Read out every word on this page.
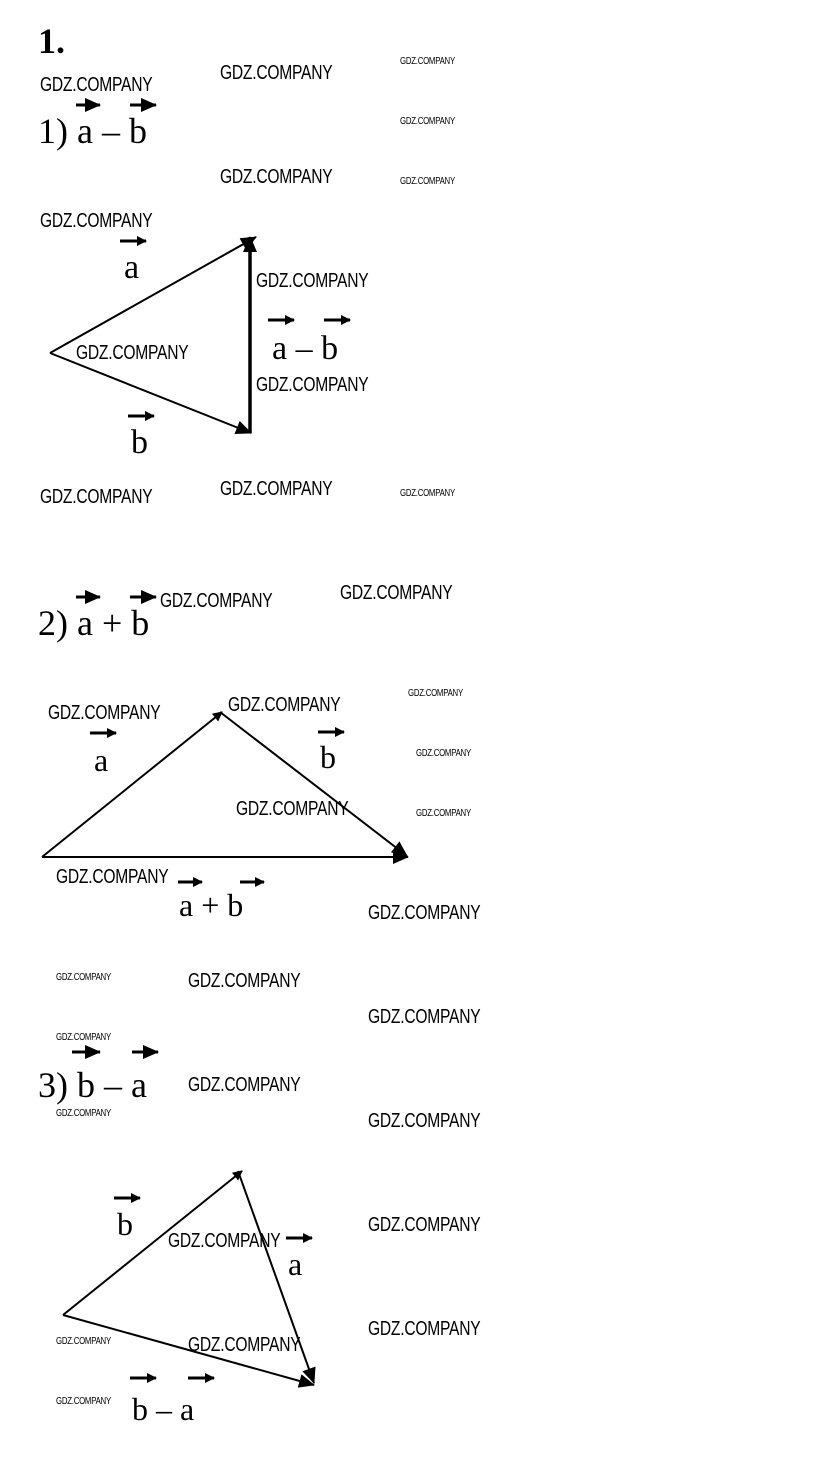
1.
1) a – b
2) a + b
3) b – a
a
b
a – b
a	b
a + b
b
a
b – a
GDZ.COMPANY
GDZ.COMPANY
GDZ.COMPANY
GDZ.COMPANY
GDZ.COMPANY	GDZ.COMPANY
GDZ.COMPANY
GDZ.COMPANY
GDZ.COMPANY
GDZ.COMPANY
GDZ.COMPANY	GDZ.COMPANY	GDZ.COMPANY
GDZ.COMPANY	GDZ.COMPANY
GDZ.COMPANY
GDZ.COMPANY	GDZ.COMPANY
GDZ.COMPANY
GDZ.COMPANY	GDZ.COMPANY
GDZ.COMPANY
GDZ.COMPANY
GDZ.COMPANY	GDZ.COMPANY
GDZ.COMPANY
GDZ.COMPANY
GDZ.COMPANY
GDZ.COMPANY	GDZ.COMPANY
GDZ.COMPANY
GDZ.COMPANY
GDZ.COMPANY
GDZ.COMPANY	GDZ.COMPANY
GDZ.COMPANY
